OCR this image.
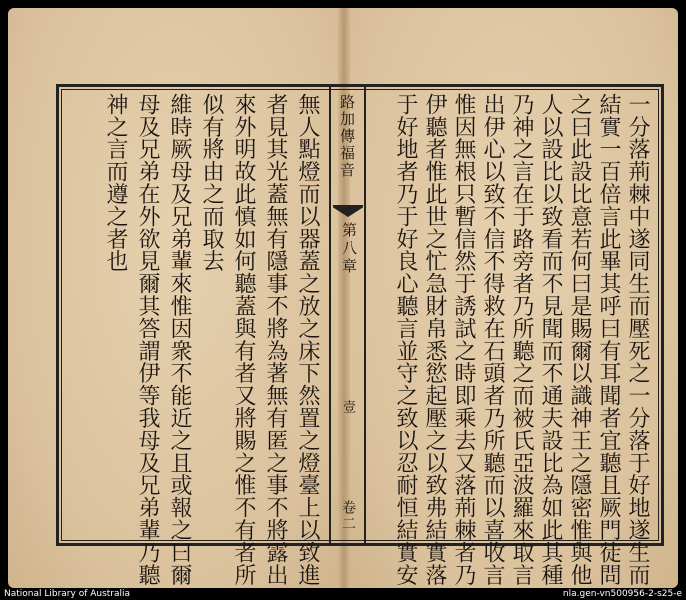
路加傳福音
第八章
壹
卷二	一分落荊棘中遂同生而壓死之一分落于好地遂生而
結實一百倍言此畢其呼曰有耳聞者宜聽且厥門徒問
之曰此設比意若何曰是賜爾以識神王之隱密惟與他
人以設比以致看而不見聞而不通夫設比為如此其種
乃神之言在于路旁者乃所聽之而被氏亞波羅來取言
出伊心以致不信不得救在石頭者乃所聽而以喜收言
惟因無根只暫信然于誘試之時即乘去又落荊棘者乃
伊聽者惟此世之忙急財帛悉慾起壓之以致弗結實落
于好地者乃于好良心聽言並守之致以忍耐恒結實安
無人點燈而以器蓋之放之床下然置之燈臺上以致進
者見其光蓋無有隱事不將為著無有匿之事不將露出
來外明故此慎如何聽蓋與有者又將賜之惟不有者所
似有將由之而取去
維時厥母及兄弟輩來惟因衆不能近之且或報之曰爾
母及兄弟在外欲見爾其答謂伊等我母及兄弟輩乃聽
神之言而遵之者也
National Library of Australia	nla.gen-vn500956-2-s25-e
